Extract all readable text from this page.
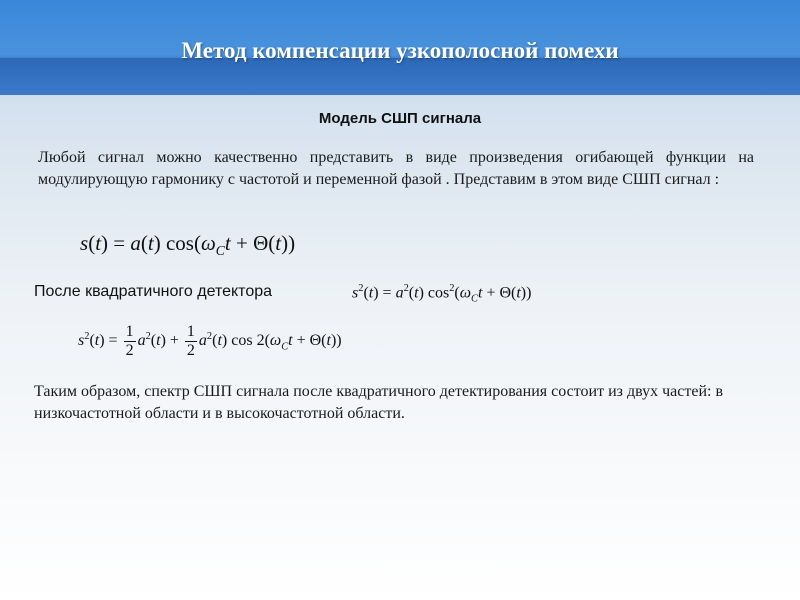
Метод компенсации узкополосной помехи
Модель СШП сигнала
Любой сигнал можно качественно представить в виде произведения огибающей функции на модулирующую гармонику с частотой и переменной фазой . Представим в этом виде СШП сигнал :
s(t) = a(t) $\cos(\omega_Ct + \Theta(t))$
После квадратичного детектора	$s^2(t) = a^2(t) \cos^2(\omega_Ct + \Theta(t))$
$s^2(t) = \frac{1}{2} a^2(t) + \frac{1}{2} a^2(t)$ $\cos 2(\omega_Ct + \Theta(t))$
Таким образом, спектр СШП сигнала после квадратичного детектирования состоит из двух частей: в низкочастотной области и в высокочастотной области.
